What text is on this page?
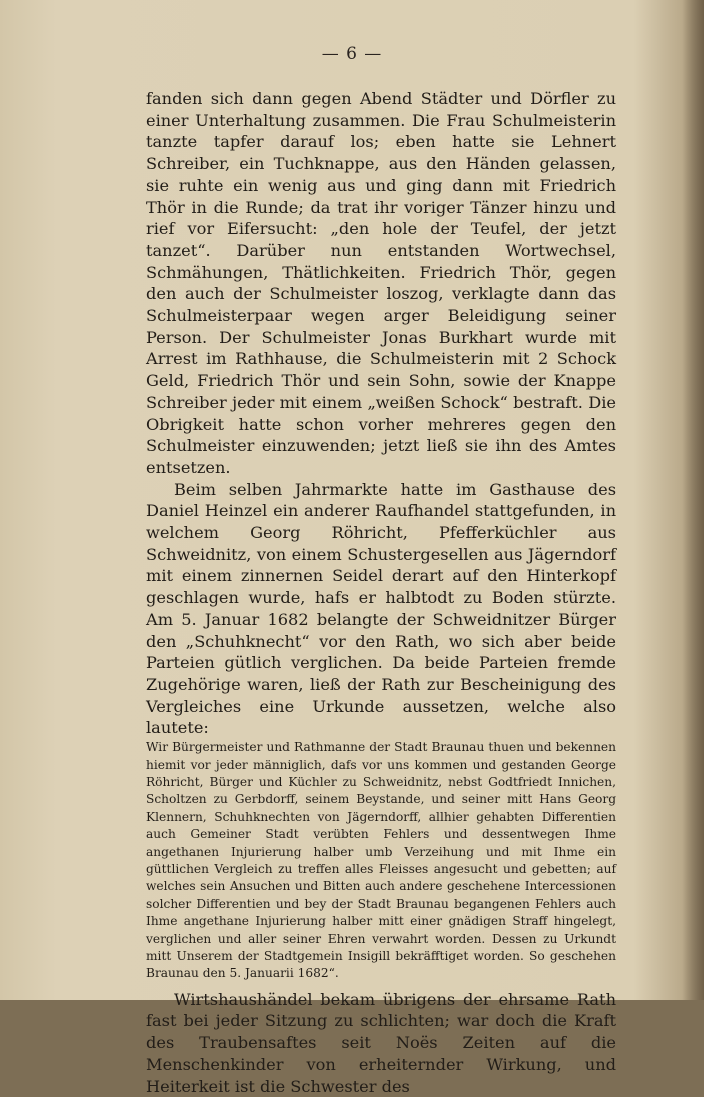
— 6 —

fanden sich dann gegen Abend Städter und Dörfler zu einer Unterhaltung zusammen. Die Frau Schulmeisterin tanzte tapfer darauf los; eben hatte sie Lehnert Schreiber, ein Tuchknappe, aus den Händen gelassen, sie ruhte ein wenig aus und ging dann mit Friedrich Thör in die Runde; da trat ihr voriger Tänzer hinzu und rief vor Eifersucht: „den hole der Teufel, der jetzt tanzet“. Darüber nun entstanden Wortwechsel, Schmähungen, Thätlichkeiten. Friedrich Thör, gegen den auch der Schulmeister loszog, verklagte dann das Schulmeisterpaar wegen arger Beleidigung seiner Person. Der Schulmeister Jonas Burkhart wurde mit Arrest im Rathhause, die Schulmeisterin mit 2 Schock Geld, Friedrich Thör und sein Sohn, sowie der Knappe Schreiber jeder mit einem „weißen Schock“ bestraft. Die Obrigkeit hatte schon vorher mehreres gegen den Schulmeister einzuwenden; jetzt ließ sie ihn des Amtes entsetzen.

Beim selben Jahrmarkte hatte im Gasthause des Daniel Heinzel ein anderer Raufhandel stattgefunden, in welchem Georg Röhricht, Pfefferküchler aus Schweidnitz, von einem Schustergesellen aus Jägerndorf mit einem zinnernen Seidel derart auf den Hinterkopf geschlagen wurde, hafs er halbtodt zu Boden stürzte. Am 5. Januar 1682 belangte der Schweidnitzer Bürger den „Schuhknecht“ vor den Rath, wo sich aber beide Parteien gütlich verglichen. Da beide Parteien fremde Zugehörige waren, ließ der Rath zur Bescheinigung des Vergleiches eine Urkunde aussetzen, welche also lautete:

Wir Bürgermeister und Rathmanne der Stadt Braunau thuen und bekennen hiemit vor jeder männiglich, dafs vor uns kommen und gestanden George Röhricht, Bürger und Küchler zu Schweidnitz, nebst Godtfriedt Innichen, Scholtzen zu Gerbdorff, seinem Beystande, und seiner mitt Hans Georg Klennern, Schuhknechten von Jägerndorff, allhier gehabten Differentien auch Gemeiner Stadt verübten Fehlers und dessentwegen Ihme angethanen Injurierung halber umb Verzeihung und mit Ihme ein güttlichen Vergleich zu treffen alles Fleisses angesucht und gebetten; auf welches sein Ansuchen und Bitten auch andere geschehene Intercessionen solcher Differentien und bey der Stadt Braunau begangenen Fehlers auch Ihme angethane Injurierung halber mitt einer gnädigen Straff hingelegt, verglichen und aller seiner Ehren verwahrt worden. Dessen zu Urkundt mitt Unserem der Stadtgemein Insigill bekräfftiget worden. So geschehen Braunau den 5. Januarii 1682“.

Wirtshaushändel bekam übrigens der ehrsame Rath fast bei jeder Sitzung zu schlichten; war doch die Kraft des Traubensaftes seit Noës Zeiten auf die Menschenkinder von erheiternder Wirkung, und Heiterkeit ist die Schwester des
